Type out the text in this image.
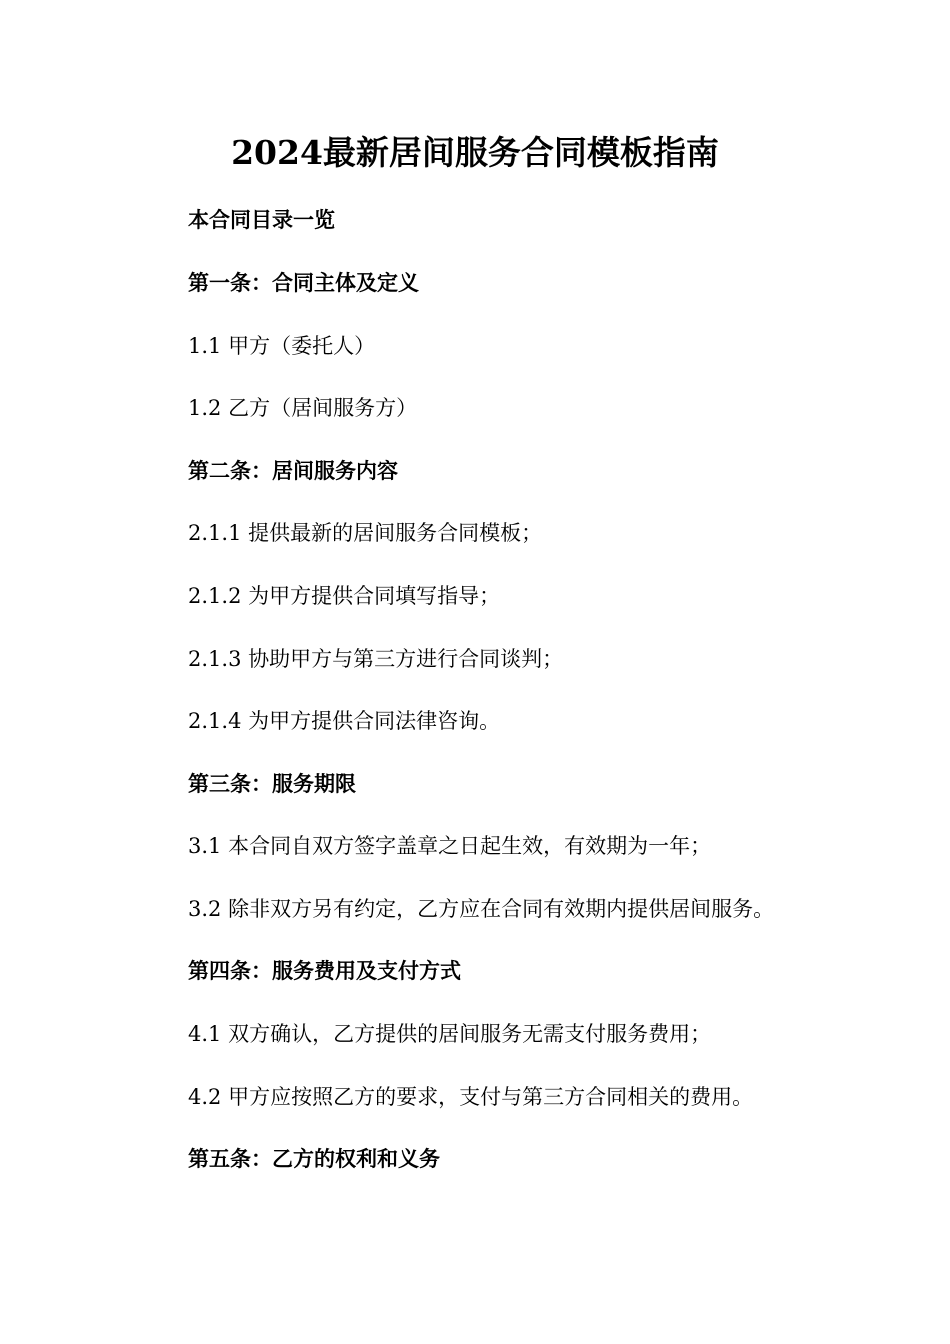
2024最新居间服务合同模板指南

本合同目录一览

第一条：合同主体及定义

1.1 甲方（委托人）

1.2 乙方（居间服务方）

第二条：居间服务内容

2.1.1 提供最新的居间服务合同模板；

2.1.2 为甲方提供合同填写指导；

2.1.3 协助甲方与第三方进行合同谈判；

2.1.4 为甲方提供合同法律咨询。

第三条：服务期限

3.1 本合同自双方签字盖章之日起生效，有效期为一年；

3.2 除非双方另有约定，乙方应在合同有效期内提供居间服务。

第四条：服务费用及支付方式

4.1 双方确认，乙方提供的居间服务无需支付服务费用；

4.2 甲方应按照乙方的要求，支付与第三方合同相关的费用。

第五条：乙方的权利和义务
